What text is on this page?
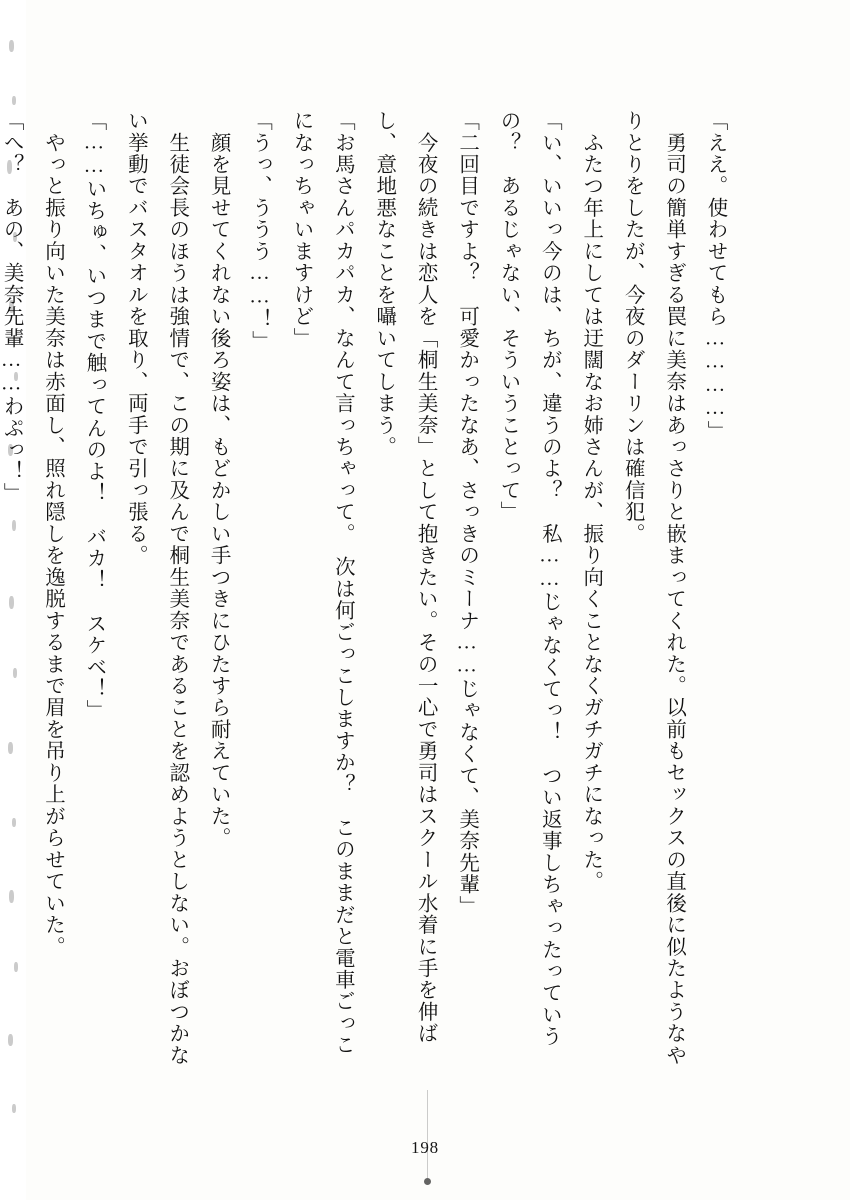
「ええ。使わせてもら…………」

　勇司の簡単すぎる罠に美奈はあっさりと嵌まってくれた。以前もセックスの直後に似たようなやりとりをしたが、今夜のダーリンは確信犯。

　ふたつ年上にしては迂闊なお姉さんが、振り向くことなくガチガチになった。

「い、いいっ今のは、ちが、違うのよ？　私……じゃなくてっ！　つい返事しちゃったっていうの？　あるじゃない、そういうことって」

「二回目ですよ？　可愛かったなあ、さっきのミーナ……じゃなくて、美奈先輩」

　今夜の続きは恋人を「桐生美奈」として抱きたい。その一心で勇司はスクール水着に手を伸ばし、意地悪なことを囁いてしまう。

「お馬さんパカパカ、なんて言っちゃって。　次は何ごっこしますか？　このままだと電車ごっこになっちゃいますけど」

「うっ、ううう……！」

　顔を見せてくれない後ろ姿は、もどかしい手つきにひたすら耐えていた。

　生徒会長のほうは強情で、この期に及んで桐生美奈であることを認めようとしない。おぼつかない挙動でバスタオルを取り、両手で引っ張る。

「……いちゅ、いつまで触ってんのよ！　バカ！　スケベ！」

　やっと振り向いた美奈は赤面し、照れ隠しを逸脱するまで眉を吊り上がらせていた。

「へ？　あの、美奈先輩……わぷっ！」

198
